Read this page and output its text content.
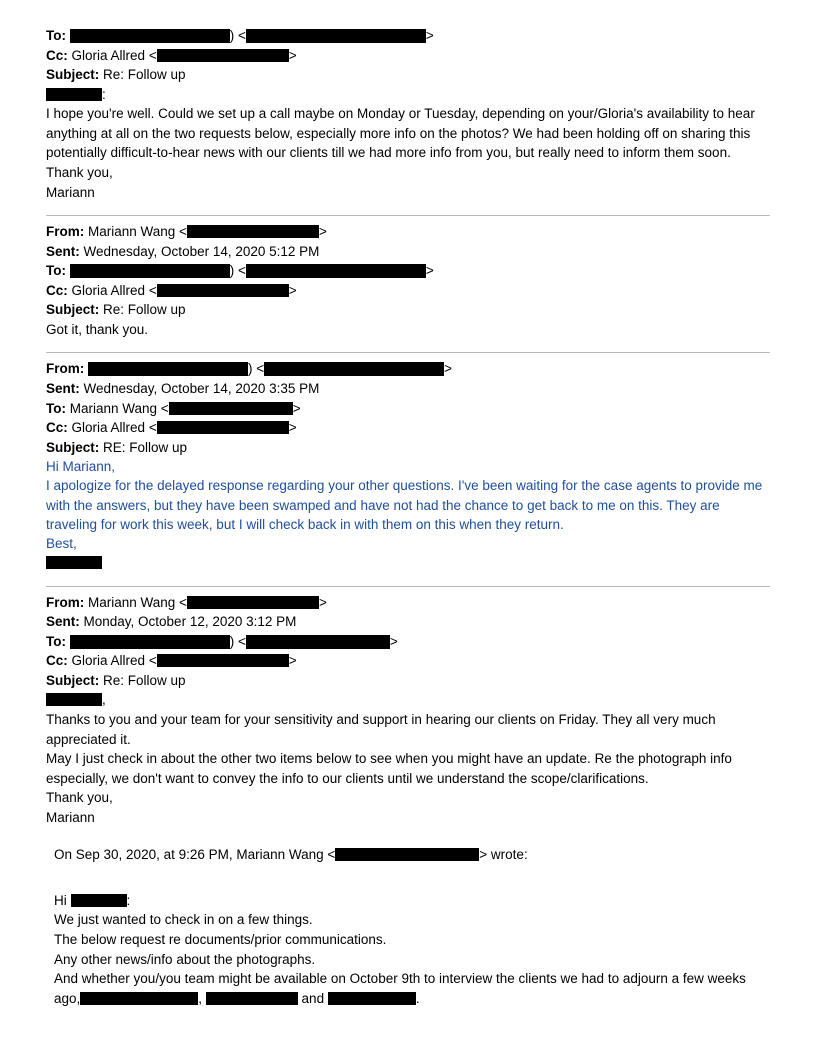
To:	) <	>
Cc: Gloria Allred <	>
Subject: Re: Follow up
:
I hope you're well. Could we set up a call maybe on Monday or Tuesday, depending on your/Gloria's availability to hear anything at all on the two requests below, especially more info on the photos? We had been holding off on sharing this potentially difficult-to-hear news with our clients till we had more info from you, but really need to inform them soon.
Thank you,
Mariann
From: Mariann Wang <	>
Sent: Wednesday, October 14, 2020 5:12 PM
To:	) <	>
Cc: Gloria Allred <	>
Subject: Re: Follow up
Got it, thank you.
From:	) <	>
Sent: Wednesday, October 14, 2020 3:35 PM
To: Mariann Wang <	>
Cc: Gloria Allred <	>
Subject: RE: Follow up
Hi Mariann,
I apologize for the delayed response regarding your other questions. I've been waiting for the case agents to provide me with the answers, but they have been swamped and have not had the chance to get back to me on this. They are traveling for work this week, but I will check back in with them on this when they return.
Best,
From: Mariann Wang <	>
Sent: Monday, October 12, 2020 3:12 PM
To:	) <	>
Cc: Gloria Allred <	>
Subject: Re: Follow up
,
Thanks to you and your team for your sensitivity and support in hearing our clients on Friday. They all very much appreciated it.
May I just check in about the other two items below to see when you might have an update. Re the photograph info especially, we don't want to convey the info to our clients until we understand the scope/clarifications.
Thank you,
Mariann
On Sep 30, 2020, at 9:26 PM, Mariann Wang <	> wrote:
Hi	:
We just wanted to check in on a few things.
The below request re documents/prior communications.
Any other news/info about the photographs.
And whether you/you team might be available on October 9th to interview the clients we had to adjourn a few weeks ago,	,	and	.
